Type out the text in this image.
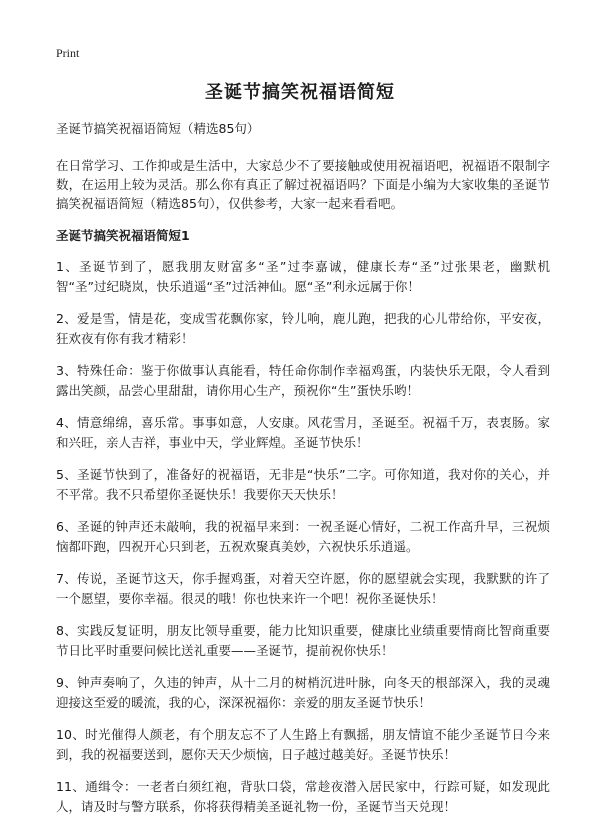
Print
圣诞节搞笑祝福语简短

圣诞节搞笑祝福语简短（精选85句）

在日常学习、工作抑或是生活中，大家总少不了要接触或使用祝福语吧，祝福语不限制字数，在运用上较为灵活。那么你有真正了解过祝福语吗？下面是小编为大家收集的圣诞节搞笑祝福语简短（精选85句），仅供参考，大家一起来看看吧。

圣诞节搞笑祝福语简短1

1、圣诞节到了，愿我朋友财富多“圣”过李嘉诚，健康长寿“圣”过张果老，幽默机智“圣”过纪晓岚，快乐逍遥“圣”过活神仙。愿“圣”利永远属于你！

2、爱是雪，情是花，变成雪花飘你家，铃儿响，鹿儿跑，把我的心儿带给你，平安夜，狂欢夜有你有我才精彩！

3、特殊任命：鉴于你做事认真能看，特任命你制作幸福鸡蛋，内装快乐无限，令人看到露出笑颜，品尝心里甜甜，请你用心生产，预祝你“生”蛋快乐哟！

4、情意绵绵，喜乐常。事事如意，人安康。风花雪月，圣诞至。祝福千万，表衷肠。家和兴旺，亲人吉祥，事业中天，学业辉煌。圣诞节快乐！

5、圣诞节快到了，准备好的祝福语，无非是“快乐”二字。可你知道，我对你的关心，并不平常。我不只希望你圣诞快乐！我要你天天快乐！

6、圣诞的钟声还未敲响，我的祝福早来到：一祝圣诞心情好，二祝工作高升早，三祝烦恼都吓跑，四祝开心只到老，五祝欢聚真美妙，六祝快乐乐逍遥。

7、传说，圣诞节这天，你手握鸡蛋，对着天空许愿，你的愿望就会实现，我默默的许了一个愿望，要你幸福。很灵的哦！你也快来许一个吧！祝你圣诞快乐！

8、实践反复证明，朋友比领导重要，能力比知识重要，健康比业绩重要情商比智商重要节日比平时重要问候比送礼重要——圣诞节，提前祝你快乐！

9、钟声奏响了，久违的钟声，从十二月的树梢沉进叶脉，向冬天的根部深入，我的灵魂迎接这至爱的暖流，我的心，深深祝福你：亲爱的朋友圣诞节快乐！

10、时光催得人颜老，有个朋友忘不了人生路上有飘摇，朋友情谊不能少圣诞节日今来到，我的祝福要送到，愿你天天少烦恼，日子越过越美好。圣诞节快乐！

11、通缉令：一老者白须红袍，背驮口袋，常趁夜潜入居民家中，行踪可疑，如发现此人，请及时与警方联系，你将获得精美圣诞礼物一份，圣诞节当天兑现！
